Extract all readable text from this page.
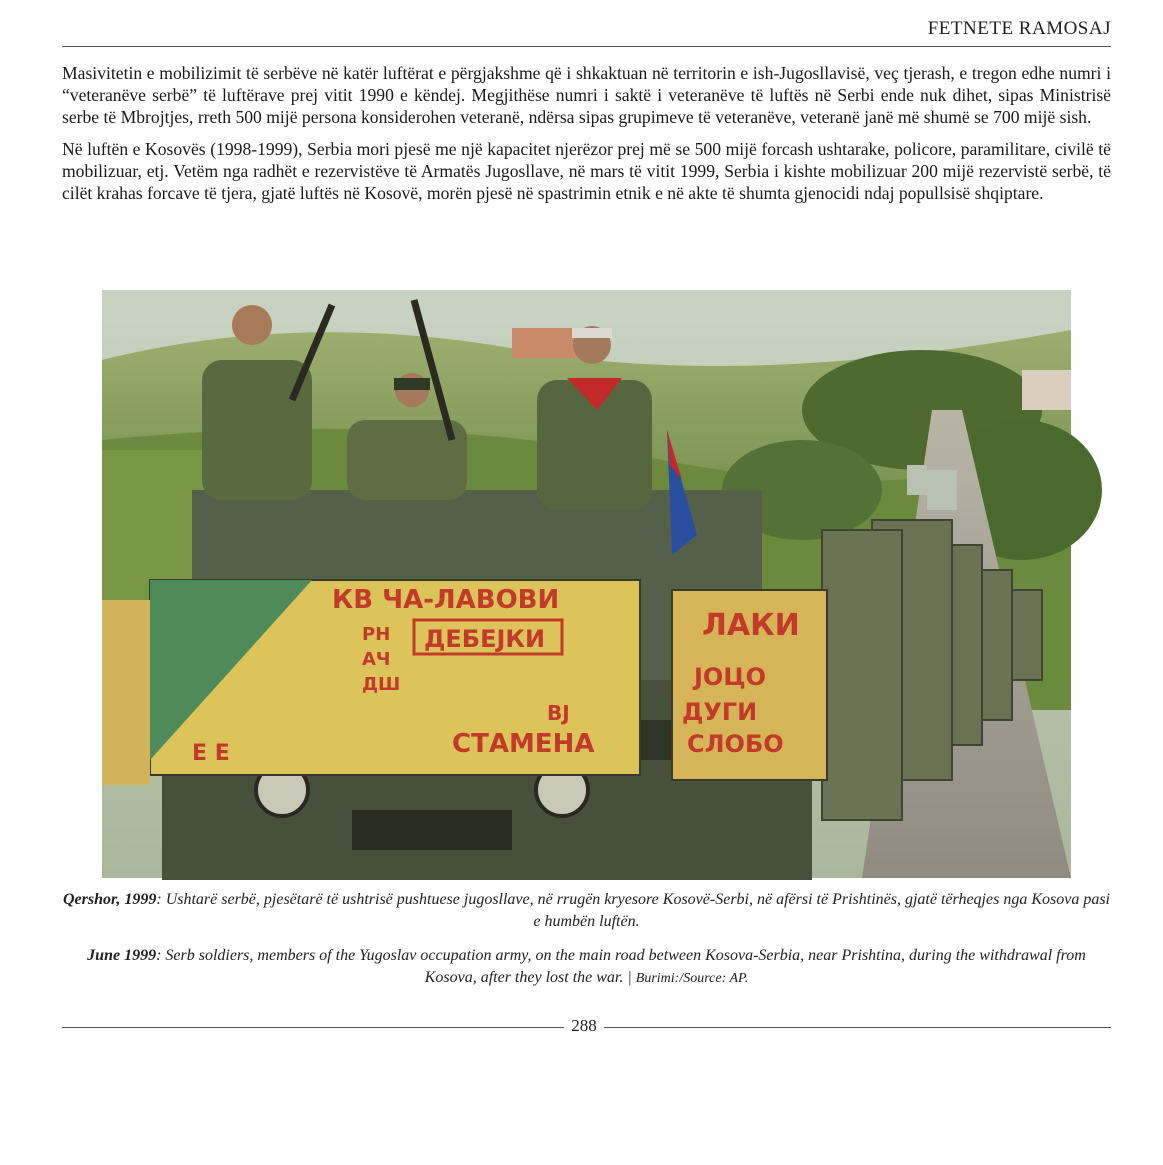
FETNETE RAMOSAJ

Masivitetin e mobilizimit të serbëve në katër luftërat e përgjakshme që i shkaktuan në territorin e ish-Jugosllavisë, veç tjerash, e tregon edhe numri i “veteranëve serbë” të luftërave prej vitit 1990 e këndej. Megjithëse numri i saktë i veteranëve të luftës në Serbi ende nuk dihet, sipas Ministrisë serbe të Mbrojtjes, rreth 500 mijë persona konsiderohen veteranë, ndërsa sipas grupimeve të veteranëve, veteranë janë më shumë se 700 mijë sish.

Në luftën e Kosovës (1998-1999), Serbia mori pjesë me një kapacitet njerëzor prej më se 500 mijë forcash ushtarake, policore, paramilitare, civilë të mobilizuar, etj. Vetëm nga radhët e rezervistëve të Armatës Jugosllave, në mars të vitit 1999, Serbia i kishte mobilizuar 200 mijë rezervistë serbë, të cilët krahas forcave të tjera, gjatë luftës në Kosovë, morën pjesë në spastrimin etnik e në akte të shumta gjenocidi ndaj popullsisë shqiptare.

КВ ЧА-ЛАВОВИ
ДЕБЕЈКИ
СТАМЕНА
BJ
РН
АЧ
ДШ
Е Е
ЛАКИ
ЈОЦО
ДУГИ
СЛОБО
© ap
Qershor, 1999: Ushtarë serbë, pjesëtarë të ushtrisë pushtuese jugosllave, në rrugën kryesore Kosovë-Serbi, në afërsi të Prishtinës, gjatë tërheqjes nga Kosova pasi e humbën luftën.
June 1999: Serb soldiers, members of the Yugoslav occupation army, on the main road between Kosova-Serbia, near Prishtina, during the withdrawal from Kosova, after they lost the war. | Burimi:/Source: AP.
288
